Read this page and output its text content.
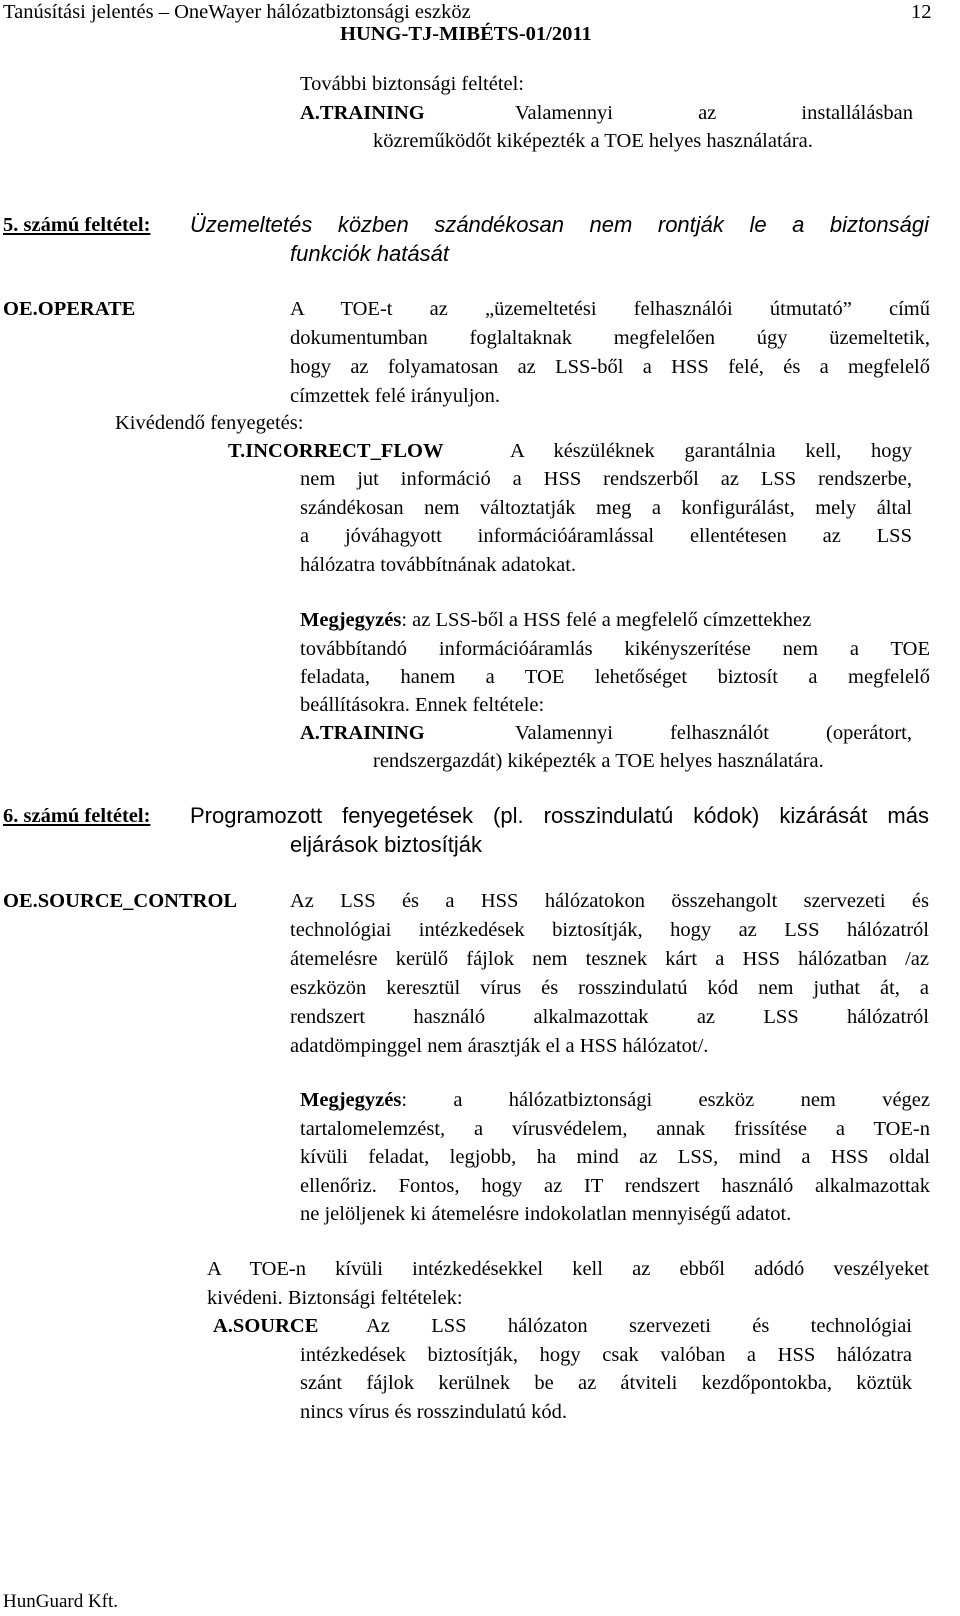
Tanúsítási jelentés – OneWayer hálózatbiztonsági eszköz	12
HUNG-TJ-MIBÉTS-01/2011
További biztonsági feltétel:
A.TRAINING	Valamennyi az installálásban
közreműködőt kiképezték a TOE helyes használatára.
5. számú feltétel: Üzemeltetés közben szándékosan nem rontják le a biztonsági
funkciók hatását
OE.OPERATE	A TOE-t az „üzemeltetési felhasználói útmutató” című
dokumentumban foglaltaknak megfelelően úgy üzemeltetik,
hogy az folyamatosan az LSS-ből a HSS felé, és a megfelelő
címzettek felé irányuljon.
Kivédendő fenyegetés:
T.INCORRECT_FLOW	A készüléknek garantálnia kell, hogy
nem jut információ a HSS rendszerből az LSS rendszerbe,
szándékosan nem változtatják meg a konfigurálást, mely által
a jóváhagyott információáramlással ellentétesen az LSS
hálózatra továbbítnának adatokat.
Megjegyzés: az LSS-ből a HSS felé a megfelelő címzettekhez
továbbítandó információáramlás kikényszerítése nem a TOE
feladata, hanem a TOE lehetőséget biztosít a megfelelő
beállításokra. Ennek feltétele:
A.TRAINING	Valamennyi felhasználót (operátort,
rendszergazdát) kiképezték a TOE helyes használatára.
6. számú feltétel: Programozott fenyegetések (pl. rosszindulatú kódok) kizárását más
eljárások biztosítják
OE.SOURCE_CONTROL	Az LSS és a HSS hálózatokon összehangolt szervezeti és
technológiai intézkedések biztosítják, hogy az LSS hálózatról
átemelésre kerülő fájlok nem tesznek kárt a HSS hálózatban /az
eszközön keresztül vírus és rosszindulatú kód nem juthat át, a
rendszert használó alkalmazottak az LSS hálózatról
adatdömpinggel nem árasztják el a HSS hálózatot/.
Megjegyzés: a hálózatbiztonsági eszköz nem végez
tartalomelemzést, a vírusvédelem, annak frissítése a TOE-n
kívüli feladat, legjobb, ha mind az LSS, mind a HSS oldal
ellenőriz. Fontos, hogy az IT rendszert használó alkalmazottak
ne jelöljenek ki átemelésre indokolatlan mennyiségű adatot.
A TOE-n kívüli intézkedésekkel kell az ebből adódó veszélyeket
kivédeni. Biztonsági feltételek:
A.SOURCE Az LSS hálózaton szervezeti és technológiai
intézkedések biztosítják, hogy csak valóban a HSS hálózatra
szánt fájlok kerülnek be az átviteli kezdőpontokba, köztük
nincs vírus és rosszindulatú kód.
HunGuard Kft.
